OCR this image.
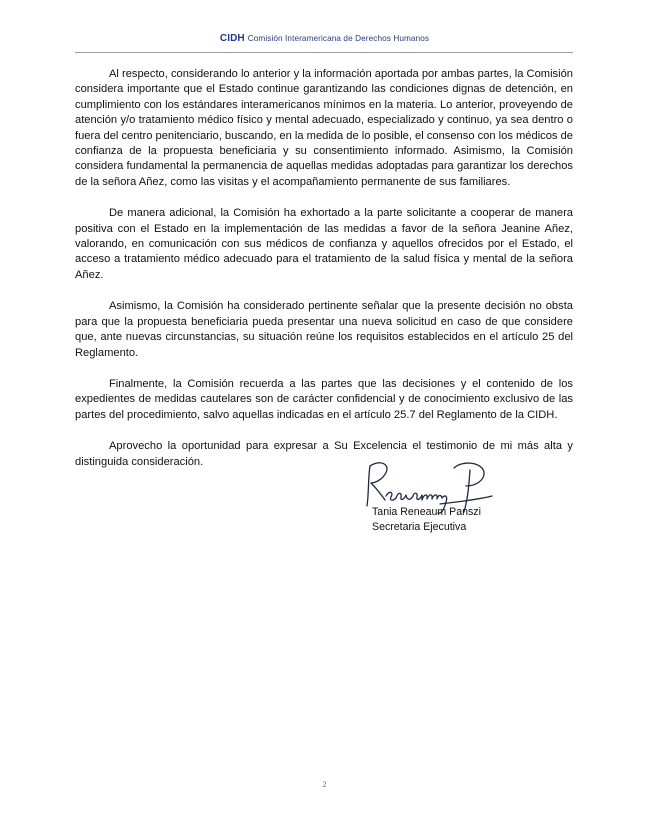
CIDH Comisión Interamericana de Derechos Humanos

Al respecto, considerando lo anterior y la información aportada por ambas partes, la Comisión considera importante que el Estado continue garantizando las condiciones dignas de detención, en cumplimiento con los estándares interamericanos mínimos en la materia. Lo anterior, proveyendo de atención y/o tratamiento médico físico y mental adecuado, especializado y continuo, ya sea dentro o fuera del centro penitenciario, buscando, en la medida de lo posible, el consenso con los médicos de confianza de la propuesta beneficiaria y su consentimiento informado. Asimismo, la Comisión considera fundamental la permanencia de aquellas medidas adoptadas para garantizar los derechos de la señora Añez, como las visitas y el acompañamiento permanente de sus familiares.

De manera adicional, la Comisión ha exhortado a la parte solicitante a cooperar de manera positiva con el Estado en la implementación de las medidas a favor de la señora Jeanine Añez, valorando, en comunicación con sus médicos de confianza y aquellos ofrecidos por el Estado, el acceso a tratamiento médico adecuado para el tratamiento de la salud física y mental de la señora Añez.

Asimismo, la Comisión ha considerado pertinente señalar que la presente decisión no obsta para que la propuesta beneficiaria pueda presentar una nueva solicitud en caso de que considere que, ante nuevas circunstancias, su situación reúne los requisitos establecidos en el artículo 25 del Reglamento.

Finalmente, la Comisión recuerda a las partes que las decisiones y el contenido de los expedientes de medidas cautelares son de carácter confidencial y de conocimiento exclusivo de las partes del procedimiento, salvo aquellas indicadas en el artículo 25.7 del Reglamento de la CIDH.

Aprovecho la oportunidad para expresar a Su Excelencia el testimonio de mi más alta y distinguida consideración.

Tania Reneaum Panszi
Secretaria Ejecutiva
2
